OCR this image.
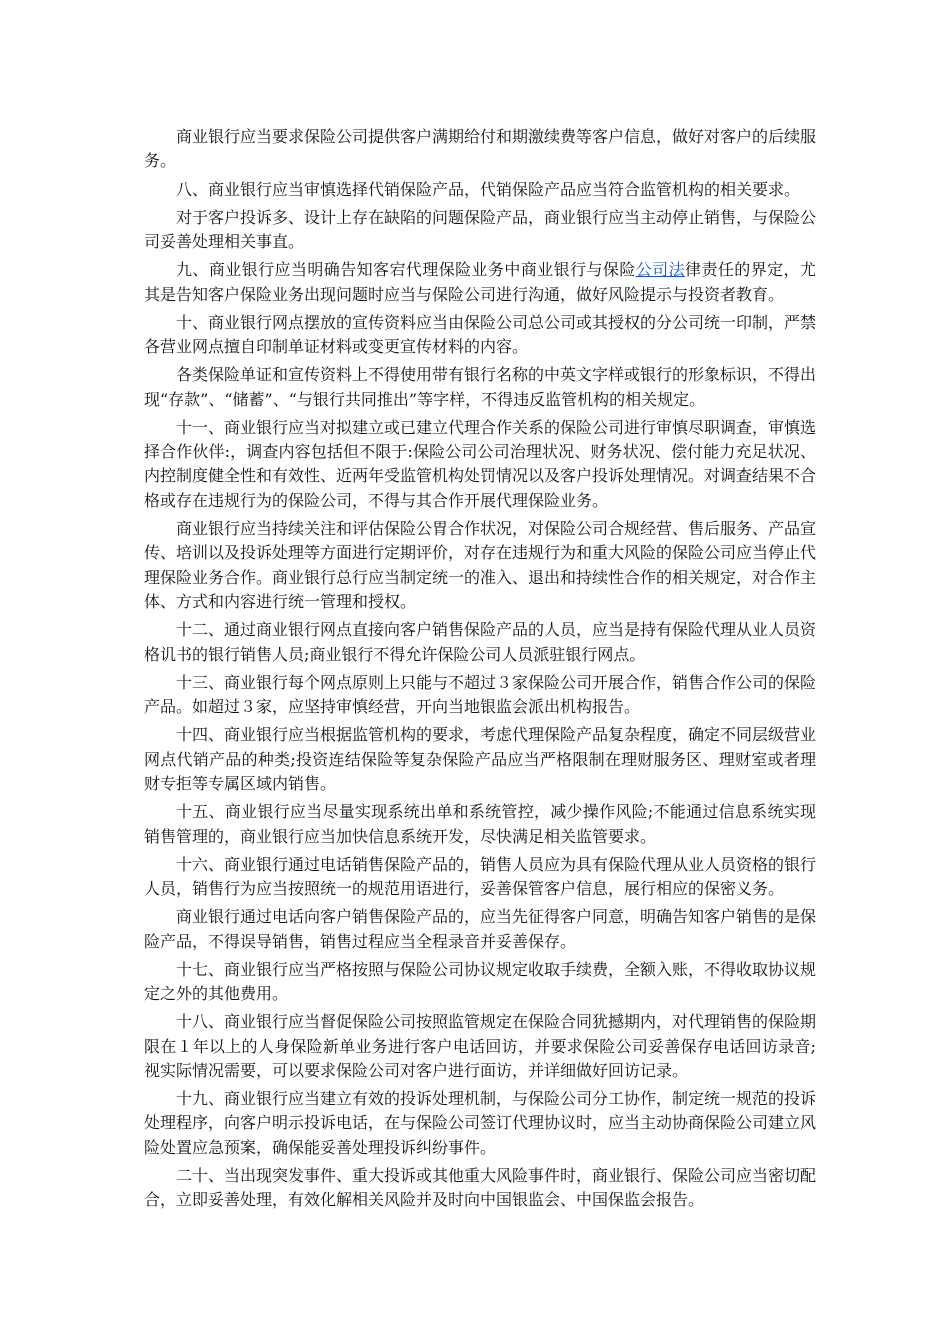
商业银行应当要求保险公司提供客户满期给付和期激续费等客户信息，做好对客户的后续服务。

八、商业银行应当审慎选择代销保险产品，代销保险产品应当符合监管机构的相关要求。

对于客户投诉多、设计上存在缺陷的问题保险产品，商业银行应当主动停止销售，与保险公司妥善处理相关事直。

九、商业银行应当明确告知客宕代理保险业务中商业银行与保险公司法律责任的界定，尤其是告知客户保险业务出现问题时应当与保险公司进行沟通，做好风险提示与投资者教育。

十、商业银行网点摆放的宣传资料应当由保险公司总公司或其授权的分公司统一印制，严禁各营业网点擅自印制单证材料或变更宣传材料的内容。

各类保险单证和宣传资料上不得使用带有银行名称的中英文字样或银行的形象标识，不得出现“存款”、“储蓄”、“与银行共同推出”等字样，不得违反监管机构的相关规定。

十一、商业银行应当对拟建立或已建立代理合作关系的保险公司进行审慎尽职调查，审慎选择合作伙伴:，调查内容包括但不限于:保险公司公司治理状况、财务状况、偿付能力充足状况、内控制度健全性和有效性、近两年受监管机构处罚情况以及客户投诉处理情况。对调查结果不合格或存在违规行为的保险公司，不得与其合作开展代理保险业务。

商业银行应当持续关注和评估保险公胃合作状况，对保险公司合规经营、售后服务、产品宣传、培训以及投诉处理等方面进行定期评价，对存在违规行为和重大风险的保险公司应当停止代理保险业务合作。商业银行总行应当制定统一的准入、退出和持续性合作的相关规定，对合作主体、方式和内容进行统一管理和授权。

十二、通过商业银行网点直接向客户销售保险产品的人员，应当是持有保险代理从业人员资格讥书的银行销售人员;商业银行不得允许保险公司人员派驻银行网点。

十三、商业银行每个网点原则上只能与不超过３家保险公司开展合作，销售合作公司的保险产品。如超过３家，应坚持审慎经营，开向当地银监会派出机构报告。

十四、商业银行应当根据监管机构的要求，考虑代理保险产品复杂程度，确定不同层级营业网点代销产品的种类;投资连结保险等复杂保险产品应当严格限制在理财服务区、理财室或者理财专拒等专属区域内销售。

十五、商业银行应当尽量实现系统出单和系统管控，减少操作风险;不能通过信息系统实现销售管理的，商业银行应当加快信息系统开发，尽快满足相关监管要求。

十六、商业银行通过电话销售保险产品的，销售人员应为具有保险代理从业人员资格的银行人员，销售行为应当按照统一的规范用语进行，妥善保管客户信息，展行相应的保密义务。

商业银行通过电话向客户销售保险产品的，应当先征得客户同意，明确告知客户销售的是保险产品，不得误导销售，销售过程应当全程录音并妥善保存。

十七、商业银行应当严格按照与保险公司协议规定收取手续费，全额入账，不得收取协议规定之外的其他费用。

十八、商业银行应当督促保险公司按照监管规定在保险合同犹撼期内，对代理销售的保险期限在１年以上的人身保险新单业务进行客户电话回访，并要求保险公司妥善保存电话回访录音;视实际情况需要，可以要求保险公司对客户进行面访，并详细做好回访记录。

十九、商业银行应当建立有效的投诉处理机制，与保险公司分工协作，制定统一规范的投诉处理程序，向客户明示投诉电话，在与保险公司签订代理协议时，应当主动协商保险公司建立风险处置应急预案，确保能妥善处理投诉纠纷事件。

二十、当出现突发事件、重大投诉或其他重大风险事件时，商业银行、保险公司应当密切配合，立即妥善处理，有效化解相关风险并及时向中国银监会、中国保监会报告。
